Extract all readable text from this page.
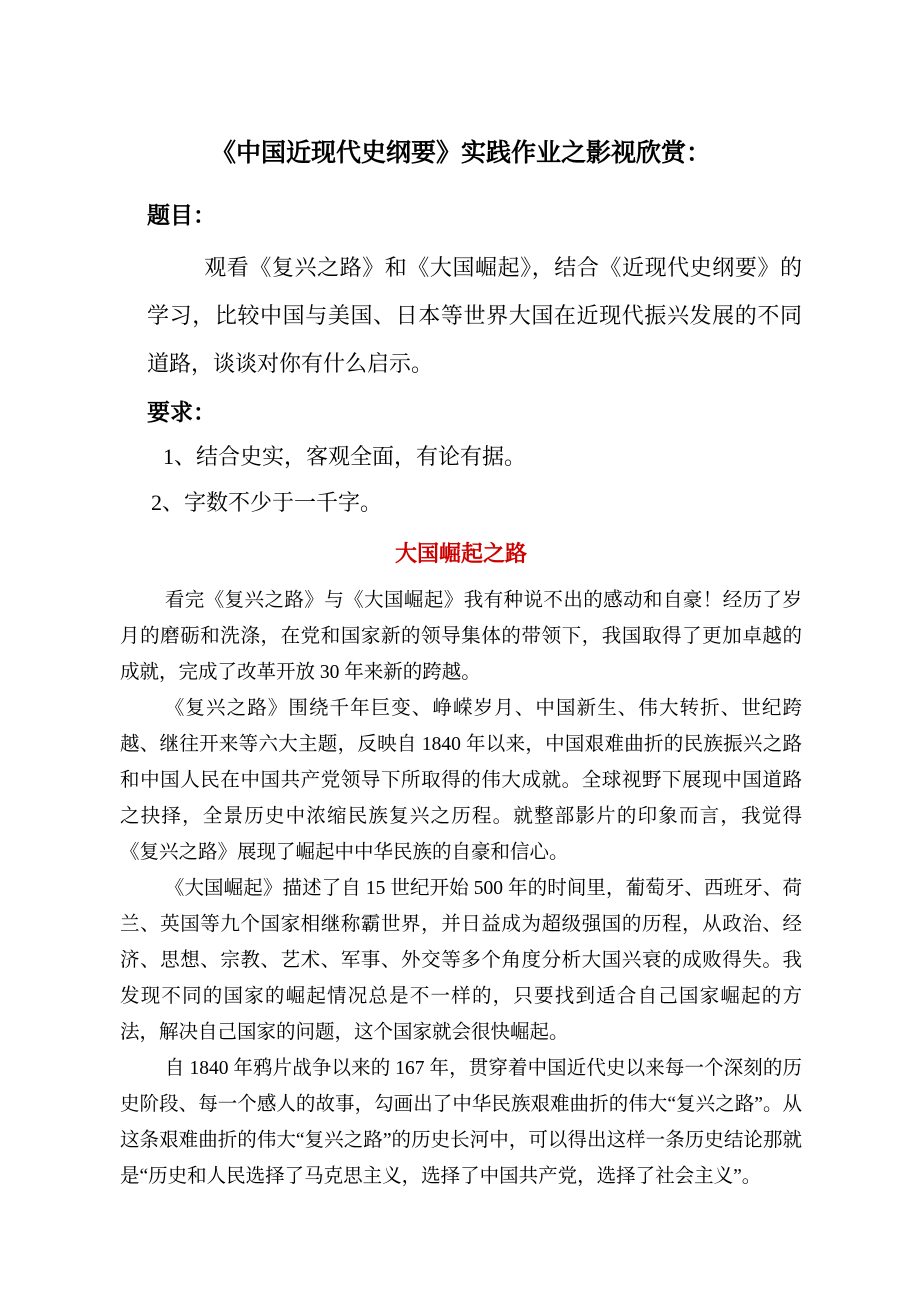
《中国近现代史纲要》实践作业之影视欣赏：
题目：

观看《复兴之路》和《大国崛起》，结合《近现代史纲要》的学习，比较中国与美国、日本等世界大国在近现代振兴发展的不同道路，谈谈对你有什么启示。

要求：

1、结合史实，客观全面，有论有据。

2、字数不少于一千字。

大国崛起之路

看完《复兴之路》与《大国崛起》我有种说不出的感动和自豪！经历了岁月的磨砺和洗涤，在党和国家新的领导集体的带领下，我国取得了更加卓越的成就，完成了改革开放 30 年来新的跨越。

《复兴之路》围绕千年巨变、峥嵘岁月、中国新生、伟大转折、世纪跨越、继往开来等六大主题，反映自 1840 年以来，中国艰难曲折的民族振兴之路和中国人民在中国共产党领导下所取得的伟大成就。全球视野下展现中国道路之抉择，全景历史中浓缩民族复兴之历程。就整部影片的印象而言，我觉得《复兴之路》展现了崛起中中华民族的自豪和信心。

《大国崛起》描述了自 15 世纪开始 500 年的时间里，葡萄牙、西班牙、荷兰、英国等九个国家相继称霸世界，并日益成为超级强国的历程，从政治、经济、思想、宗教、艺术、军事、外交等多个角度分析大国兴衰的成败得失。我发现不同的国家的崛起情况总是不一样的，只要找到适合自己国家崛起的方法，解决自己国家的问题，这个国家就会很快崛起。

自 1840 年鸦片战争以来的 167 年，贯穿着中国近代史以来每一个深刻的历史阶段、每一个感人的故事，勾画出了中华民族艰难曲折的伟大“复兴之路”。从这条艰难曲折的伟大“复兴之路”的历史长河中，可以得出这样一条历史结论那就是“历史和人民选择了马克思主义，选择了中国共产党，选择了社会主义”。
